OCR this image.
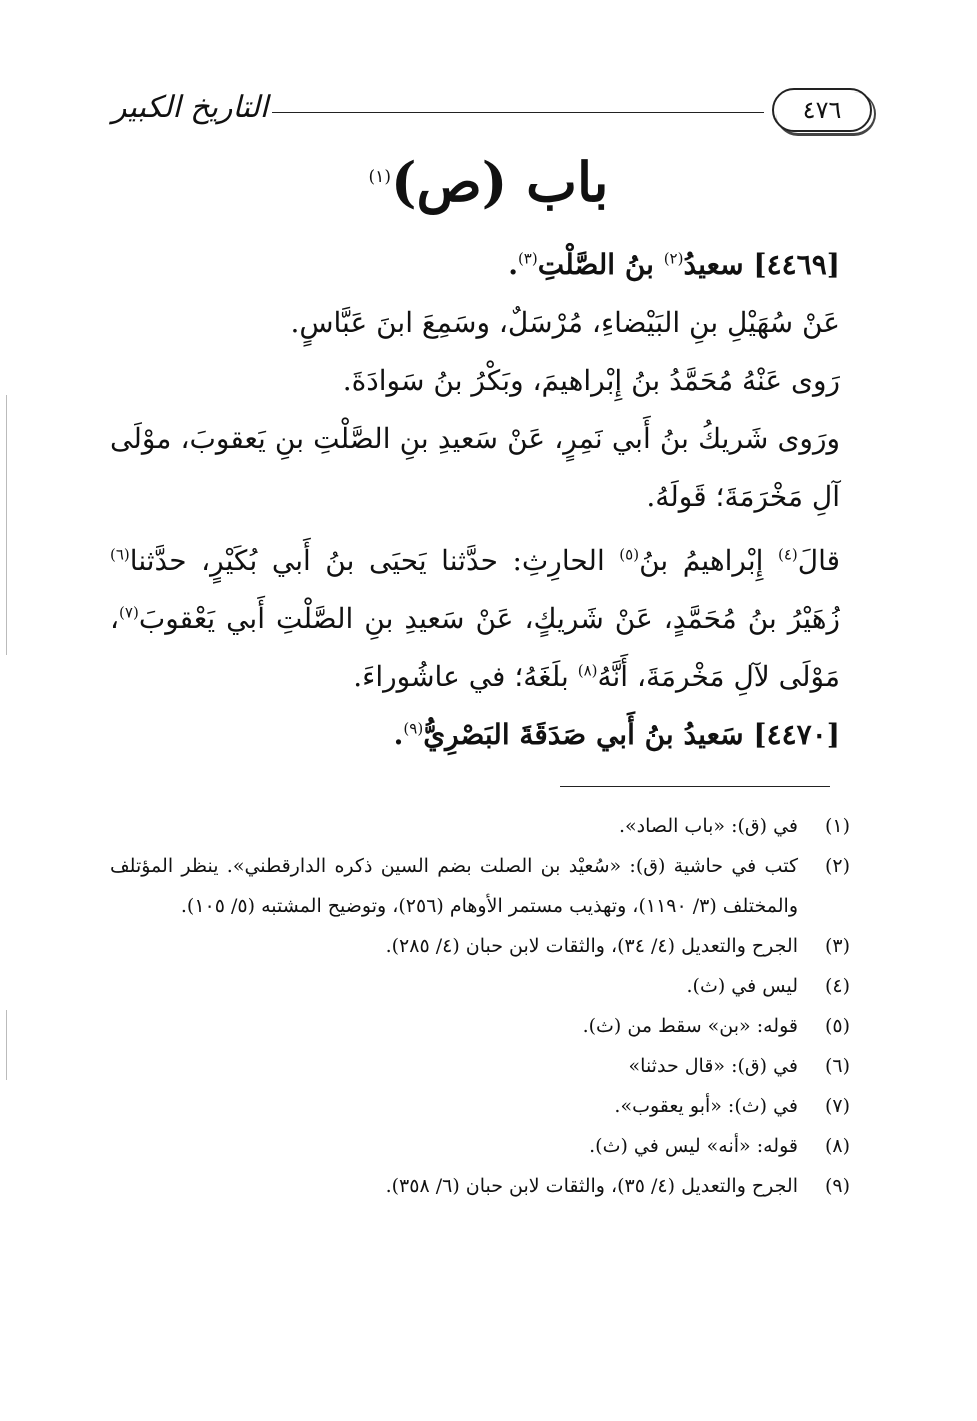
التاريخ الكبير	٤٧٦
باب (ص)$^{(١)}$

[٤٤٦٩] سعيدُ$^{(٢)}$ بنُ الصَّلْتِ$^{(٣)}$.

عَنْ سُهَيْلِ بنِ البَيْضاءِ، مُرْسَلٌ، وسَمِعَ ابنَ عَبَّاسٍ.

رَوى عَنْهُ مُحَمَّدُ بنُ إِبْراهيمَ، وبَكْرُ بنُ سَوادَةَ.

ورَوى شَريكُ بنُ أَبي نَمِرٍ، عَنْ سَعيدِ بنِ الصَّلْتِ بنِ يَعقوبَ، موْلَى آلِ مَخْرَمَةَ؛ قَولَهُ.

قالَ$^{(٤)}$ إِبْراهيمُ بنُ$^{(٥)}$ الحارِثِ: حدَّثنا يَحيَى بنُ أَبي بُكَيْرٍ، حدَّثنا$^{(٦)}$ زُهَيْرُ بنُ مُحَمَّدٍ، عَنْ شَريكٍ، عَنْ سَعيدِ بنِ الصَّلْتِ أَبي يَعْقوبَ$^{(٧)}$، مَوْلَى لآلِ مَخْرمَةَ، أَنَّهُ$^{(٨)}$ بلَغَهُ؛ في عاشُوراءَ.

[٤٤٧٠] سَعيدُ بنُ أَبي صَدَقَةَ البَصْرِيُّ$^{(٩)}$.

(١)
في (ق): «باب الصاد».
(٢)
كتب في حاشية (ق): «سُعيْد بن الصلت بضم السين ذكره الدارقطني». ينظر المؤتلف والمختلف (٣/ ١١٩٠)، وتهذيب مستمر الأوهام (٢٥٦)، وتوضيح المشتبه (٥/ ١٠٥).
(٣)
الجرح والتعديل (٤/ ٣٤)، والثقات لابن حبان (٤/ ٢٨٥).
(٤)
ليس في (ث).
(٥)
قوله: «بن» سقط من (ث).
(٦)
في (ق): «قال حدثنا»
(٧)
في (ث): «أبو يعقوب».
(٨)
قوله: «أنه» ليس في (ث).
(٩)
الجرح والتعديل (٤/ ٣٥)، والثقات لابن حبان (٦/ ٣٥٨).
